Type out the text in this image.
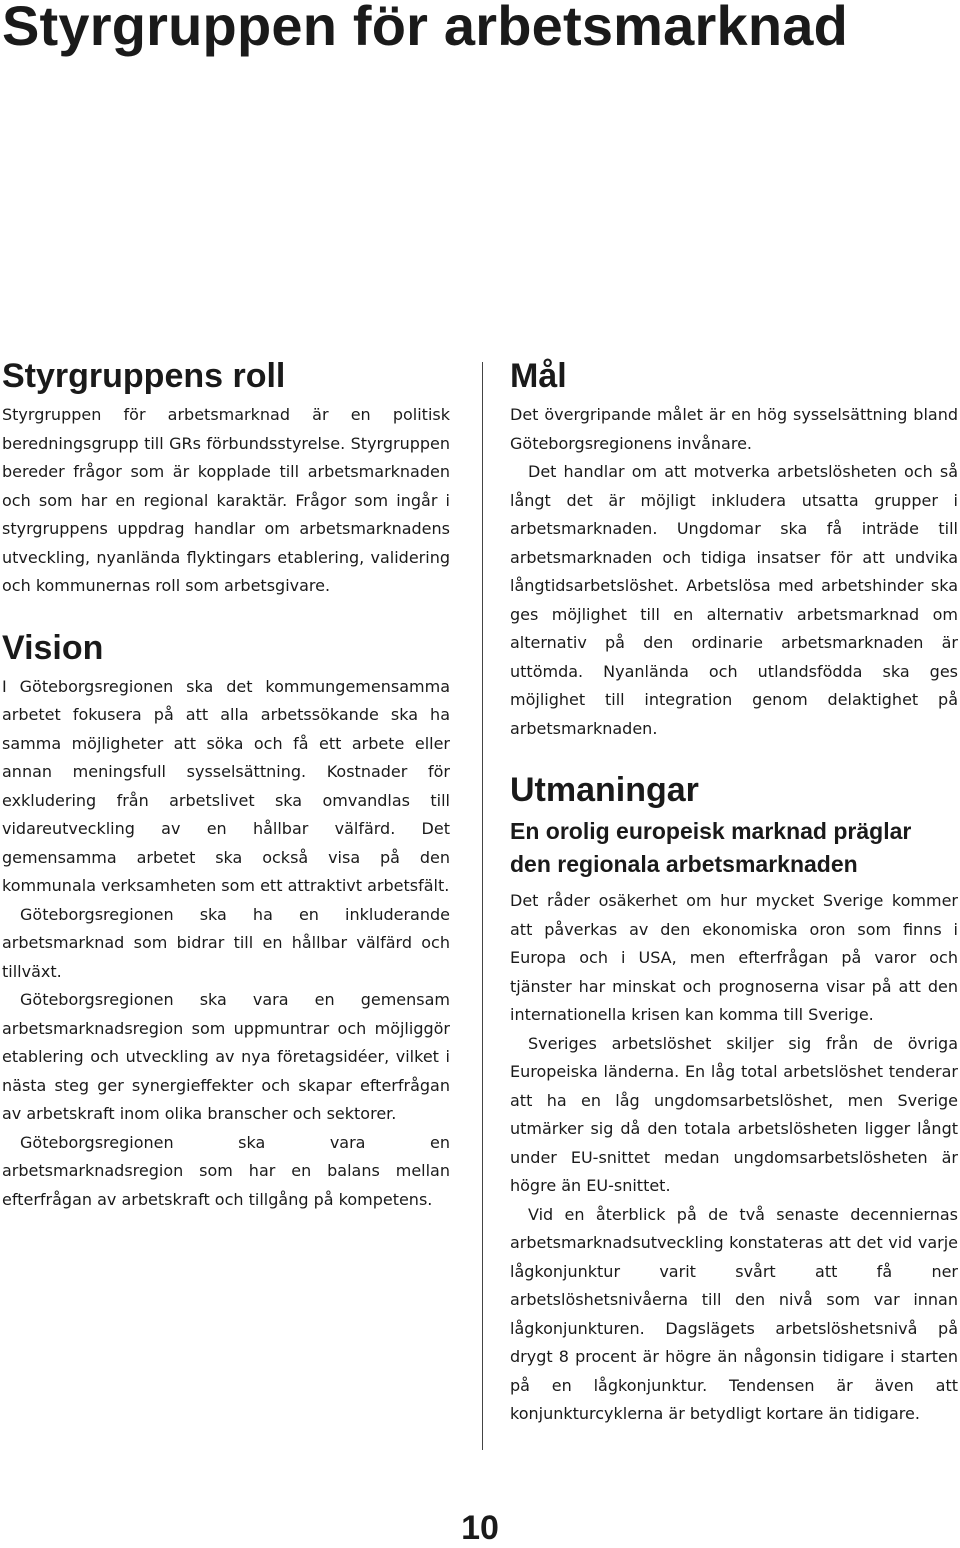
Styrgruppen för arbetsmarknad
Styrgruppens roll

Styrgruppen för arbetsmarknad är en politisk beredningsgrupp till GRs förbundsstyrelse. Styrgruppen bereder frågor som är kopplade till arbetsmarknaden och som har en regional karaktär. Frågor som ingår i styrgruppens uppdrag handlar om arbetsmarknadens utveckling, nyanlända flyktingars etablering, validering och kommunernas roll som arbetsgivare.

Vision

I Göteborgsregionen ska det kommungemensamma arbetet fokusera på att alla arbetssökande ska ha samma möjligheter att söka och få ett arbete eller annan meningsfull sysselsättning. Kostnader för exkludering från arbetslivet ska omvandlas till vidareutveckling av en hållbar välfärd. Det gemensamma arbetet ska också visa på den kommunala verksamheten som ett attraktivt arbetsfält.

Göteborgsregionen ska ha en inkluderande arbetsmarknad som bidrar till en hållbar välfärd och tillväxt.

Göteborgsregionen ska vara en gemensam arbetsmarknadsregion som uppmuntrar och möjliggör etablering och utveckling av nya företagsidéer, vilket i nästa steg ger synergieffekter och skapar efterfrågan av arbetskraft inom olika branscher och sektorer.

Göteborgsregionen ska vara en arbetsmarknadsregion som har en balans mellan efterfrågan av arbetskraft och tillgång på kompetens.

Mål

Det övergripande målet är en hög sysselsättning bland Göteborgsregionens invånare.

Det handlar om att motverka arbetslösheten och så långt det är möjligt inkludera utsatta grupper i arbetsmarknaden. Ungdomar ska få inträde till arbetsmarknaden och tidiga insatser för att undvika långtidsarbetslöshet. Arbetslösa med arbetshinder ska ges möjlighet till en alternativ arbetsmarknad om alternativ på den ordinarie arbetsmarknaden är uttömda. Nyanlända och utlandsfödda ska ges möjlighet till integration genom delaktighet på arbetsmarknaden.

Utmaningar
En orolig europeisk marknad präglar den regionala arbetsmarknaden

Det råder osäkerhet om hur mycket Sverige kommer att påverkas av den ekonomiska oron som finns i Europa och i USA, men efterfrågan på varor och tjänster har minskat och prognoserna visar på att den internationella krisen kan komma till Sverige.

Sveriges arbetslöshet skiljer sig från de övriga Europeiska länderna. En låg total arbetslöshet tenderar att ha en låg ungdomsarbetslöshet, men Sverige utmärker sig då den totala arbetslösheten ligger långt under EU-snittet medan ungdomsarbetslösheten är högre än EU-snittet.

Vid en återblick på de två senaste decenniernas arbetsmarknadsutveckling konstateras att det vid varje lågkonjunktur varit svårt att få ner arbetslöshetsnivåerna till den nivå som var innan lågkonjunkturen. Dagslägets arbetslöshetsnivå på drygt 8 procent är högre än någonsin tidigare i starten på en lågkonjunktur. Tendensen är även att konjunkturcyklerna är betydligt kortare än tidigare.

10
